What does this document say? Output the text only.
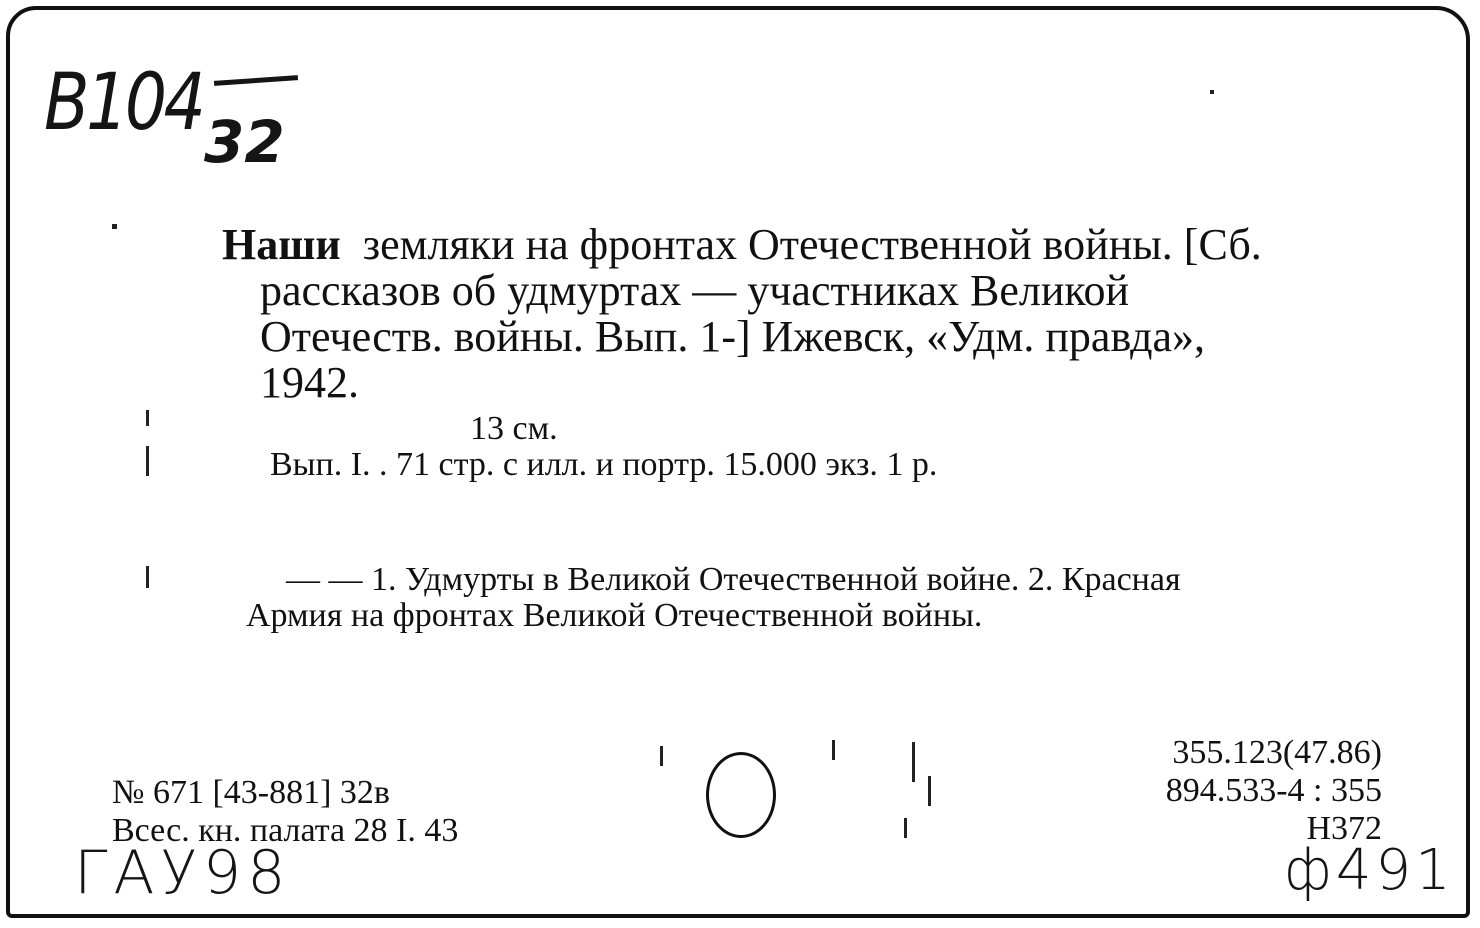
B104 32
Наши земляки на фронтах Отечественной войны. [Сб.
рассказов об удмуртах — участниках Великой
Отечеств. войны. Вып. 1-] Ижевск, «Удм. правда»,
1942.
13 см.
Вып. I. . 71 стр. с илл. и портр. 15.000 экз. 1 р.
— — 1. Удмурты в Великой Отечественной войне. 2. Красная
Армия на фронтах Великой Отечественной войны.
№ 671 [43-881] 32в
Всес. кн. палата 28 I. 43
355.123(47.86)
894.533-4 : 355
Н372
ГАУ98	ф491
